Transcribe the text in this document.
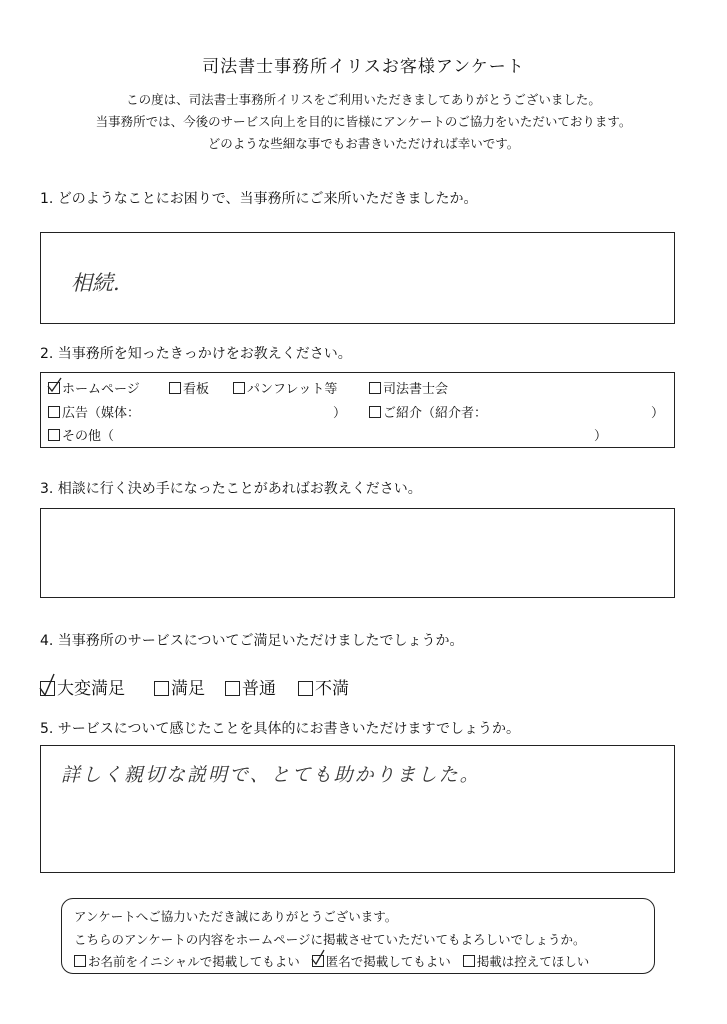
司法書士事務所イリスお客様アンケート
この度は、司法書士事務所イリスをご利用いただきましてありがとうございました。
当事務所では、今後のサービス向上を目的に皆様にアンケートのご協力をいただいております。
どのような些細な事でもお書きいただければ幸いです。
1. どのようなことにお困りで、当事務所にご来所いただきましたか。
相続.
2. 当事務所を知ったきっかけをお教えください。
ホームページ	看板	パンフレット等	司法書士会
広告（媒体：	）	ご紹介（紹介者：	）
その他（	）
3. 相談に行く決め手になったことがあればお教えください。
4. 当事務所のサービスについてご満足いただけましたでしょうか。
大変満足	満足	普通	不満
5. サービスについて感じたことを具体的にお書きいただけますでしょうか。
詳しく親切な説明で、とても助かりました。
アンケートへご協力いただき誠にありがとうございます。
こちらのアンケートの内容をホームページに掲載させていただいてもよろしいでしょうか。
お名前をイニシャルで掲載してもよい 匿名で掲載してもよい 掲載は控えてほしい
